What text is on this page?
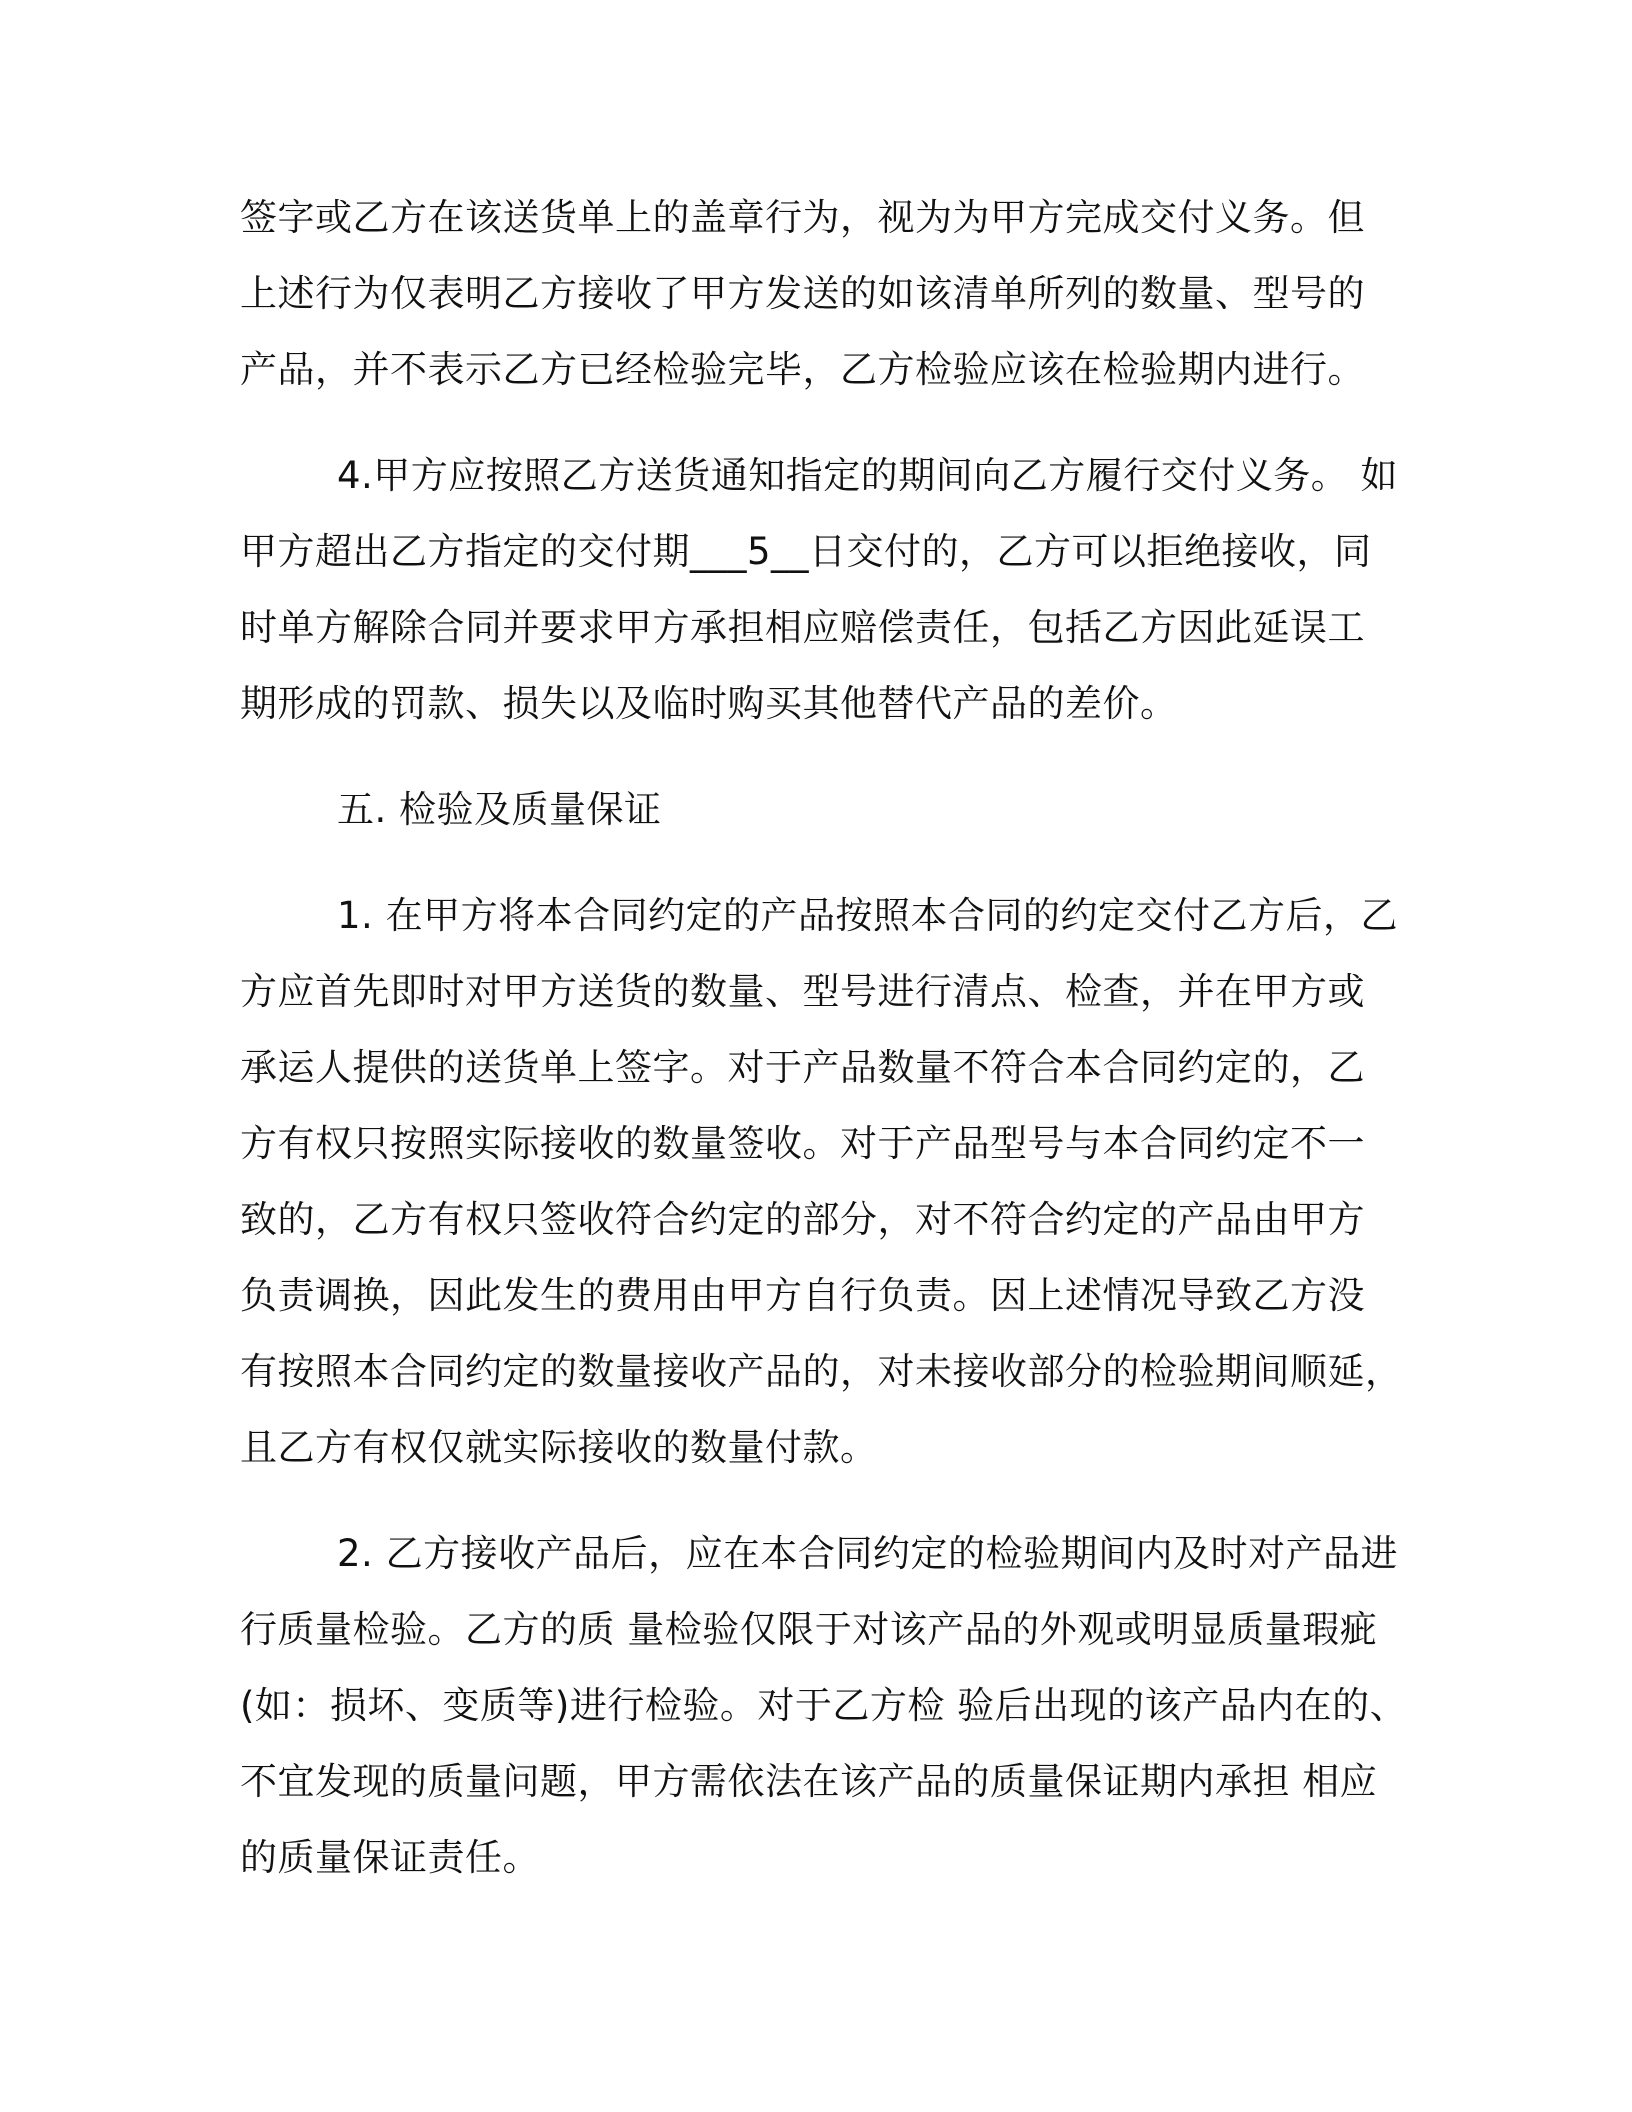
签字或乙方在该送货单上的盖章行为，视为为甲方完成交付义务。但
上述行为仅表明乙方接收了甲方发送的如该清单所列的数量、型号的
产品，并不表示乙方已经检验完毕，乙方检验应该在检验期内进行。
4.甲方应按照乙方送货通知指定的期间向乙方履行交付义务。 如
甲方超出乙方指定的交付期___5__日交付的，乙方可以拒绝接收，同
时单方解除合同并要求甲方承担相应赔偿责任，包括乙方因此延误工
期形成的罚款、损失以及临时购买其他替代产品的差价。
五. 检验及质量保证
1. 在甲方将本合同约定的产品按照本合同的约定交付乙方后，乙
方应首先即时对甲方送货的数量、型号进行清点、检查，并在甲方或
承运人提供的送货单上签字。对于产品数量不符合本合同约定的，乙
方有权只按照实际接收的数量签收。对于产品型号与本合同约定不一
致的，乙方有权只签收符合约定的部分，对不符合约定的产品由甲方
负责调换，因此发生的费用由甲方自行负责。因上述情况导致乙方没
有按照本合同约定的数量接收产品的，对未接收部分的检验期间顺延，
且乙方有权仅就实际接收的数量付款。
2. 乙方接收产品后，应在本合同约定的检验期间内及时对产品进
行质量检验。乙方的质 量检验仅限于对该产品的外观或明显质量瑕疵
(如：损坏、变质等)进行检验。对于乙方检 验后出现的该产品内在的、
不宜发现的质量问题，甲方需依法在该产品的质量保证期内承担 相应
的质量保证责任。
